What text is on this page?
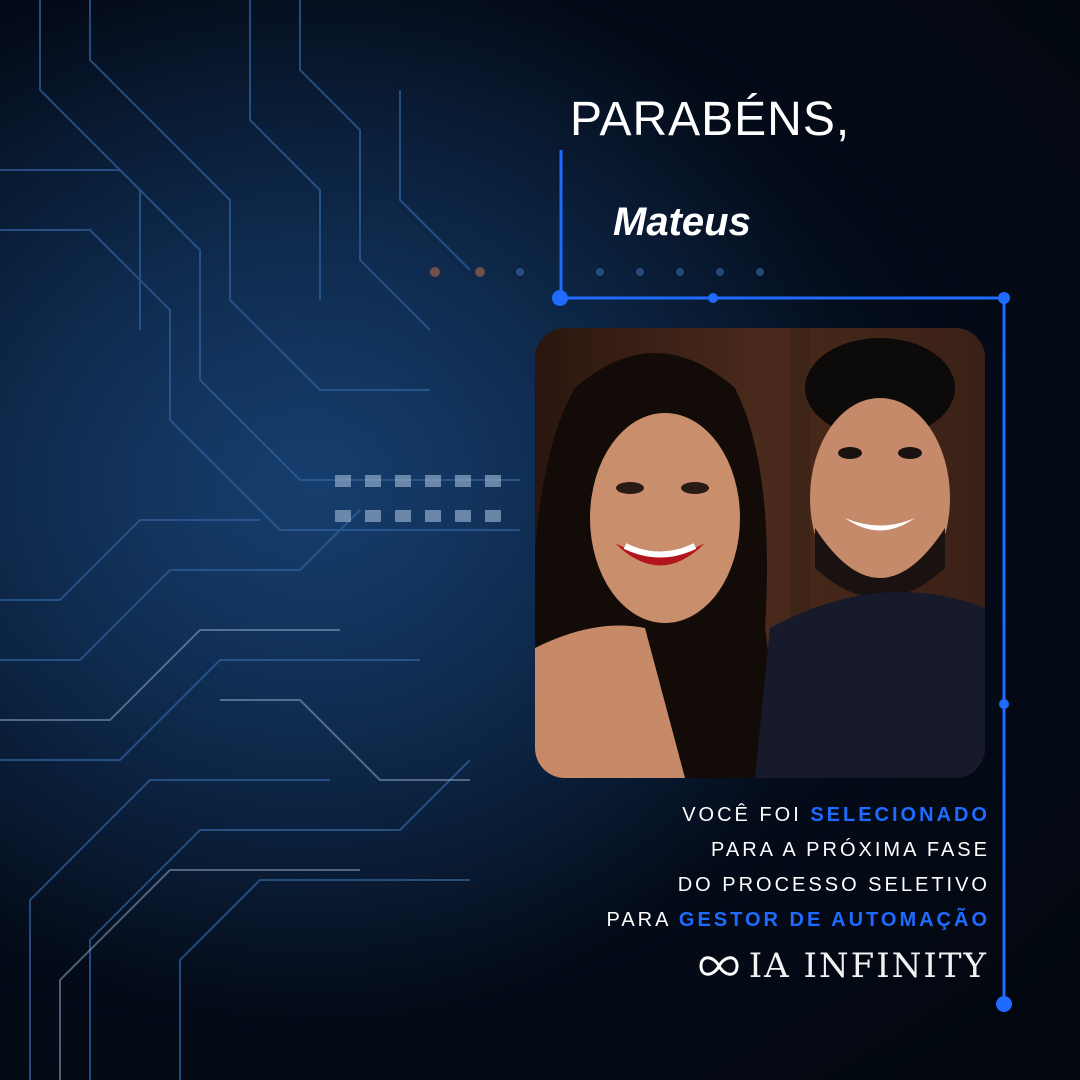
PARABÉNS,
Mateus
VOCÊ FOI SELECIONADO
PARA A PRÓXIMA FASE
DO PROCESSO SELETIVO
PARA GESTOR DE AUTOMAÇÃO
IA INFINITY
